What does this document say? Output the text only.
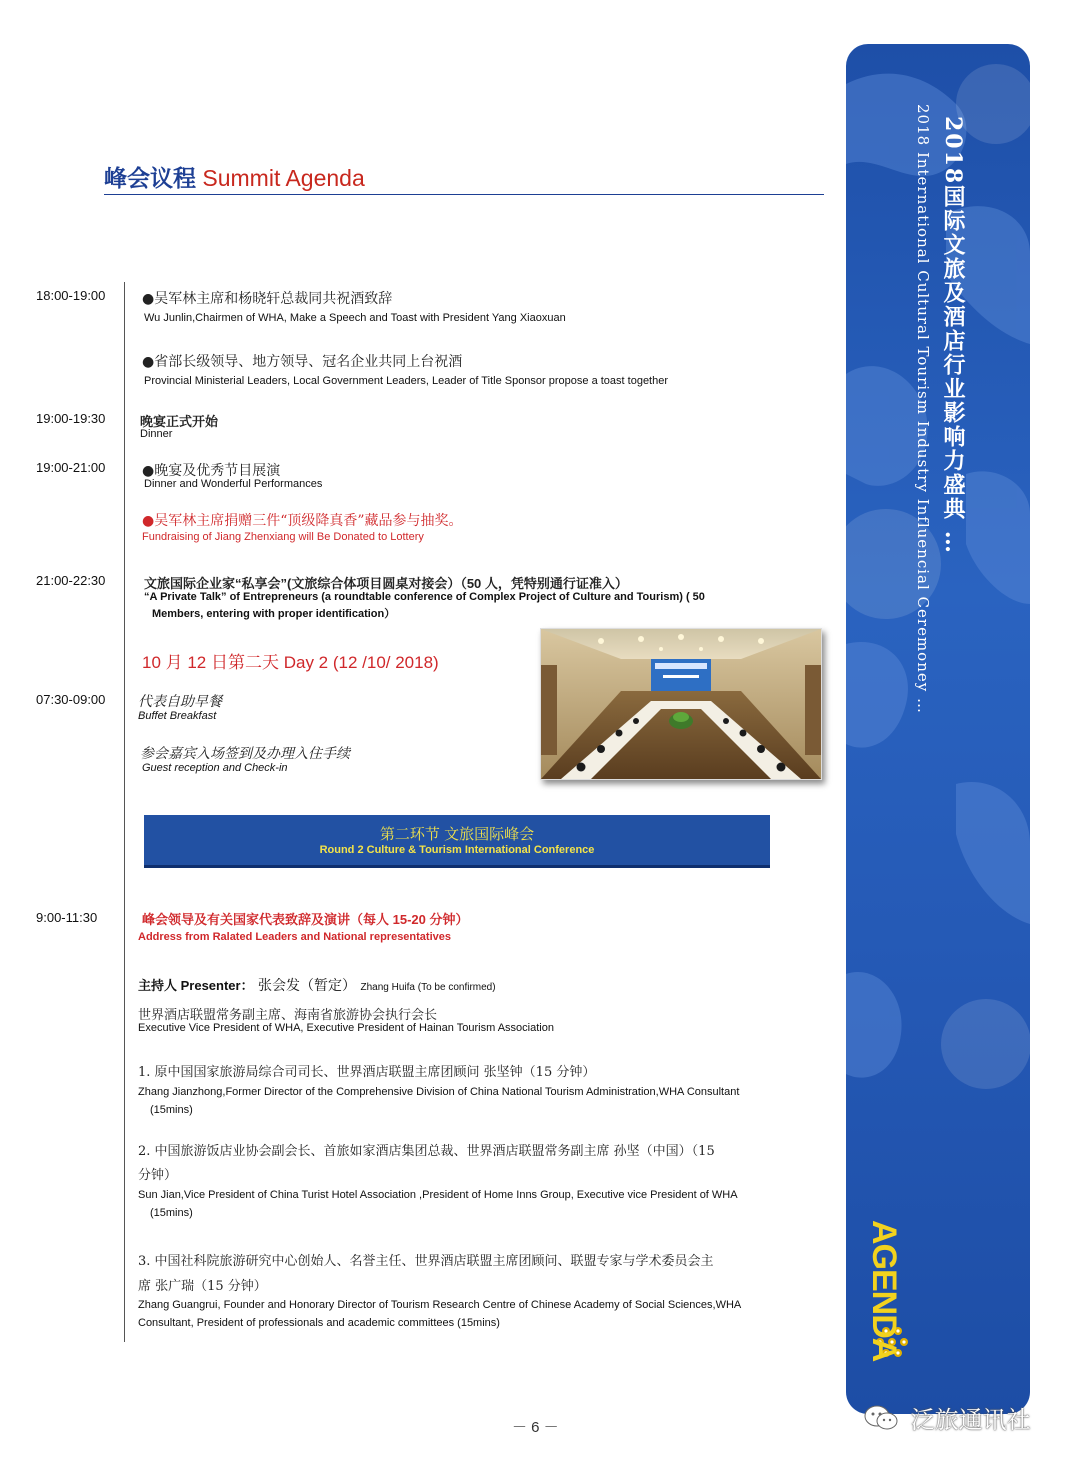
峰会议程 Summit Agenda
18:00-19:00	●吴军林主席和杨晓轩总裁同共祝酒致辞
Wu Junlin,Chairmen of WHA, Make a Speech and Toast with President Yang Xiaoxuan
●省部长级领导、地方领导、冠名企业共同上台祝酒
Provincial Ministerial Leaders, Local Government Leaders, Leader of Title Sponsor propose a toast together
19:00-19:30	晚宴正式开始
Dinner
19:00-21:00	●晚宴及优秀节目展演
Dinner and Wonderful Performances
●吴军林主席捐赠三件“顶级降真香”藏品参与抽奖。
Fundraising of Jiang Zhenxiang will Be Donated to Lottery
21:00-22:30	文旅国际企业家“私享会”(文旅综合体项目圆桌对接会）（50 人，凭特别通行证准入）
“A Private Talk” of Entrepreneurs (a roundtable conference of Complex Project of Culture and Tourism) ( 50
Members, entering with proper identification）
10 月 12 日第二天 Day 2 (12 /10/ 2018)
07:30-09:00 代表自助早餐
Buffet Breakfast
参会嘉宾入场签到及办理入住手续
Guest reception and Check-in
第二环节 文旅国际峰会
Round 2 Culture & Tourism International Conference
9:00-11:30	峰会领导及有关国家代表致辞及演讲（每人 15-20 分钟）
Address from Ralated Leaders and National representatives
主持人 Presenter： 张会发（暂定） Zhang Huifa (To be confirmed)
世界酒店联盟常务副主席、海南省旅游协会执行会长
Executive Vice President of WHA, Executive President of Hainan Tourism Association
1. 原中国国家旅游局综合司司长、世界酒店联盟主席团顾问 张坚钟（15 分钟）
Zhang Jianzhong,Former Director of the Comprehensive Division of China National Tourism Administration,WHA Consultant
(15mins)
2. 中国旅游饭店业协会副会长、首旅如家酒店集团总裁、世界酒店联盟常务副主席 孙坚（中国）（15
分钟）
Sun Jian,Vice President of China Turist Hotel Association ,President of Home Inns Group, Executive vice President of WHA
(15mins)
3. 中国社科院旅游研究中心创始人、名誉主任、世界酒店联盟主席团顾问、联盟专家与学术委员会主
席 张广瑞（15 分钟）
Zhang Guangrui, Founder and Honorary Director of Tourism Research Centre of Chinese Academy of Social Sciences,WHA
Consultant, President of professionals and academic committees (15mins)
2018国际文旅及酒店行业影响力盛典 …
2018 International Cultural Tourism Industry Influencial Ceremoney …
AGENDA
－ 6 －	泛旅通讯社
